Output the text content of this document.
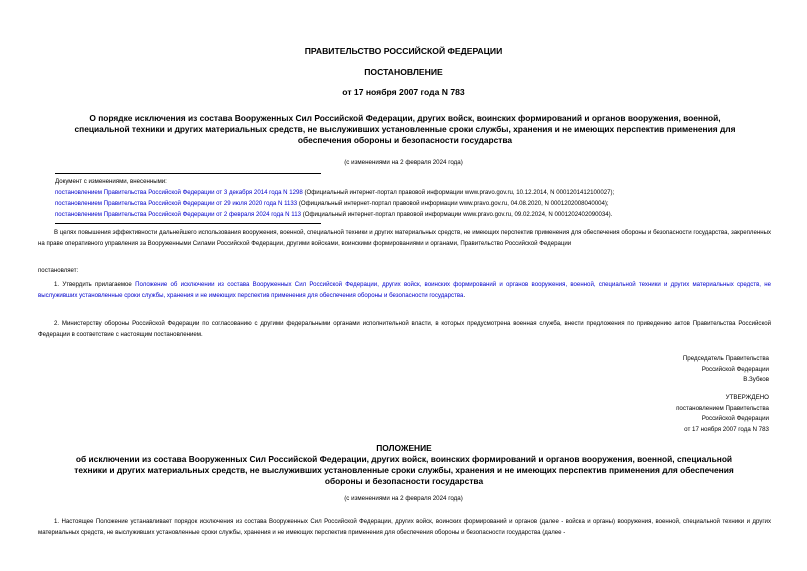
ПРАВИТЕЛЬСТВО РОССИЙСКОЙ ФЕДЕРАЦИИ
ПОСТАНОВЛЕНИЕ
от 17 ноября 2007 года N 783
О порядке исключения из состава Вооруженных Сил Российской Федерации, других войск, воинских формирований и органов вооружения, военной,
специальной техники и других материальных средств, не выслуживших установленные сроки службы, хранения и не имеющих перспектив применения для
обеспечения обороны и безопасности государства
(с изменениями на 2 февраля 2024 года)
Документ с изменениями, внесенными:
постановлением Правительства Российской Федерации от 3 декабря 2014 года N 1298 (Официальный интернет-портал правовой информации www.pravo.gov.ru, 10.12.2014, N 0001201412100027);
постановлением Правительства Российской Федерации от 29 июля 2020 года N 1133 (Официальный интернет-портал правовой информации www.pravo.gov.ru, 04.08.2020, N 0001202008040004);
постановлением Правительства Российской Федерации от 2 февраля 2024 года N 113 (Официальный интернет-портал правовой информации www.pravo.gov.ru, 09.02.2024, N 0001202402090034).
В целях повышения эффективности дальнейшего использования вооружения, военной, специальной техники и других материальных средств, не имеющих перспектив применения для обеспечения обороны и безопасности государства, закрепленных на праве оперативного управления за Вооруженными Силами Российской Федерации, другими войсками, воинскими формированиями и органами, Правительство Российской Федерации
постановляет:
1. Утвердить прилагаемое Положение об исключении из состава Вооруженных Сил Российской Федерации, других войск, воинских формирований и органов вооружения, военной, специальной техники и других материальных средств, не выслуживших установленные сроки службы, хранения и не имеющих перспектив применения для обеспечения обороны и безопасности государства.
2. Министерству обороны Российской Федерации по согласованию с другими федеральными органами исполнительной власти, в которых предусмотрена военная служба, внести предложения по приведению актов Правительства Российской Федерации в соответствие с настоящим постановлением.
Председатель Правительства
Российской Федерации
В.Зубков
УТВЕРЖДЕНО
постановлением Правительства
Российской Федерации
от 17 ноября 2007 года N 783
ПОЛОЖЕНИЕ
об исключении из состава Вооруженных Сил Российской Федерации, других войск, воинских формирований и органов вооружения, военной, специальной
техники и других материальных средств, не выслуживших установленные сроки службы, хранения и не имеющих перспектив применения для обеспечения
обороны и безопасности государства
(с изменениями на 2 февраля 2024 года)
1. Настоящее Положение устанавливает порядок исключения из состава Вооруженных Сил Российской Федерации, других войск, воинских формирований и органов (далее - войска и органы) вооружения, военной, специальной техники и других материальных средств, не выслуживших установленные сроки службы, хранения и не имеющих перспектив применения для обеспечения обороны и безопасности государства (далее -
